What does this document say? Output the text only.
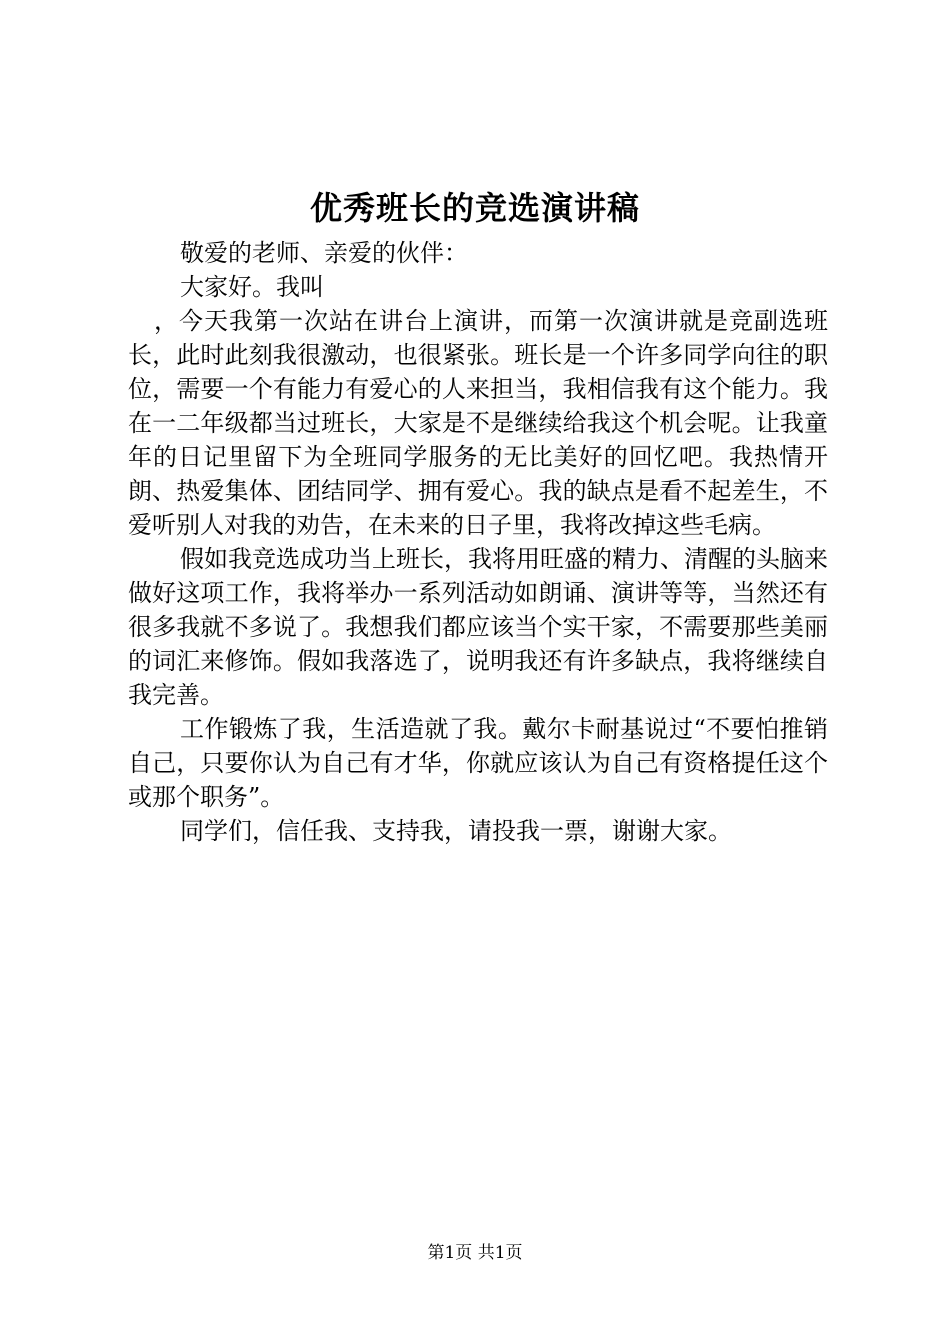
优秀班长的竞选演讲稿

敬爱的老师、亲爱的伙伴：

大家好。我叫

，今天我第一次站在讲台上演讲，而第一次演讲就是竞副选班长，此时此刻我很激动，也很紧张。班长是一个许多同学向往的职位，需要一个有能力有爱心的人来担当，我相信我有这个能力。我在一二年级都当过班长，大家是不是继续给我这个机会呢。让我童年的日记里留下为全班同学服务的无比美好的回忆吧。我热情开朗、热爱集体、团结同学、拥有爱心。我的缺点是看不起差生，不爱听别人对我的劝告，在未来的日子里，我将改掉这些毛病。

假如我竞选成功当上班长，我将用旺盛的精力、清醒的头脑来做好这项工作，我将举办一系列活动如朗诵、演讲等等，当然还有很多我就不多说了。我想我们都应该当个实干家，不需要那些美丽的词汇来修饰。假如我落选了，说明我还有许多缺点，我将继续自我完善。

工作锻炼了我，生活造就了我。戴尔卡耐基说过“不要怕推销自己，只要你认为自己有才华，你就应该认为自己有资格提任这个或那个职务”。

同学们，信任我、支持我，请投我一票，谢谢大家。

第1页 共1页
